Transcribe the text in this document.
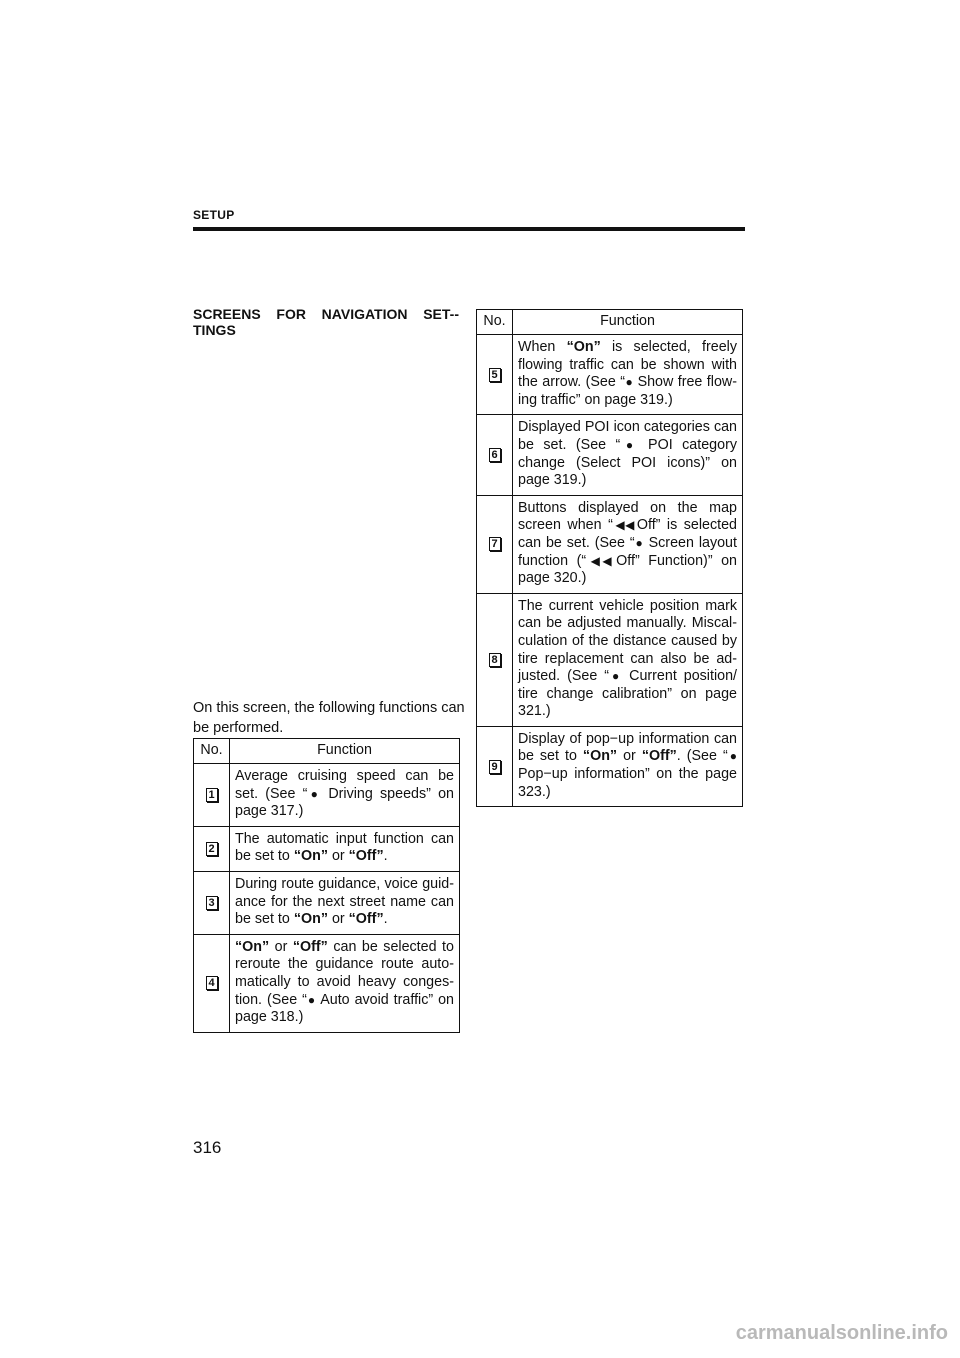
SETUP
SCREENS FOR NAVIGATION SET-TINGS
On this screen, the following functions can be performed.
No.	Function
1	Average cruising speed can be set. (See “● Driving speeds” on page 317.)
2	The automatic input function can be set to “On” or “Off”.
3	During route guidance, voice guidance for the next street name can be set to “On” or “Off”.
4	“On” or “Off” can be selected to reroute the guidance route automatically to avoid heavy congestion. (See “● Auto avoid traffic” on page 318.)
No.	Function
5	When “On” is selected, freely flowing traffic can be shown with the arrow. (See “● Show free flowing traffic” on page 319.)
6	Displayed POI icon categories can be set. (See “● POI category change (Select POI icons)” on page 319.)
7	Buttons displayed on the map screen when “◀◀ Off” is selected can be set. (See “● Screen layout function (“◀◀ Off” Function)” on page 320.)
8	The current vehicle position mark can be adjusted manually. Miscalculation of the distance caused by tire replacement can also be adjusted. (See “● Current position/ tire change calibration” on page 321.)
9	Display of pop−up information can be set to “On” or “Off”. (See “● Pop−up information” on the page 323.)
316
carmanualsonline.info
